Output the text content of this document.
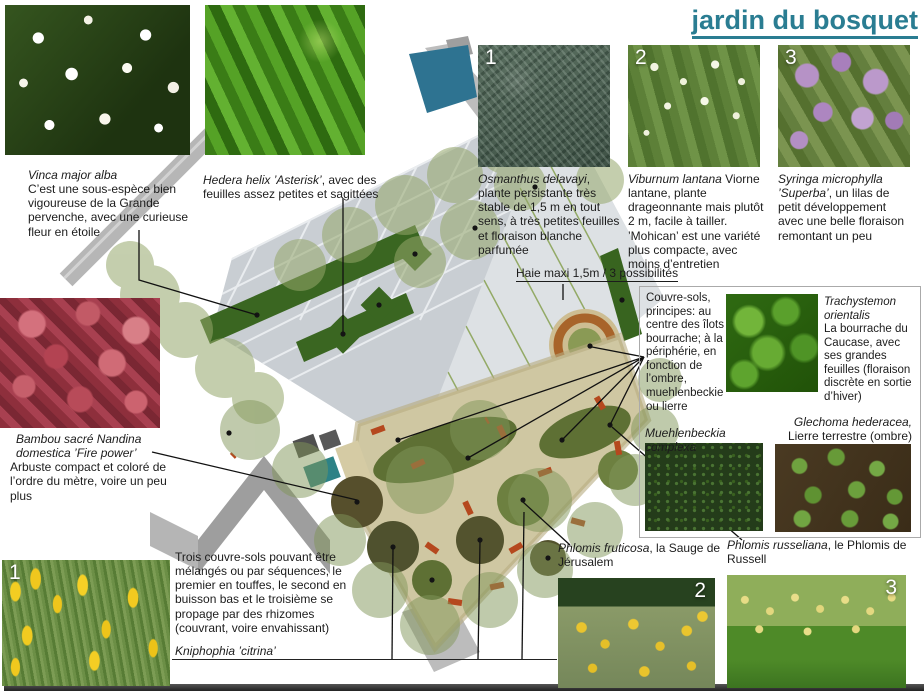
jardin du bosquet
1	2	3
1
2	3
Vinca major alba
C’est une sous-espèce bien vigoureuse de la Grande pervenche, avec une curieuse fleur en étoile
Hedera helix ’Asterisk’, avec des feuilles assez petites et sagittées
Osmanthus delavayi, plante persistante très stable de 1,5 m en tout sens, à très petites feuilles et floraison blanche parfumée
Viburnum lantana Viorne lantane, plante drageonnante mais plutôt 2 m, facile à tailler. ’Mohican’ est une variété plus compacte, avec moins d’entretien
Syringa microphylla ’Superba’, un lilas de petit développement avec une belle floraison remontant un peu
Haie maxi 1,5m / 3 possibilités
Bambou sacré Nandina domestica ’Fire power’
Arbuste compact et coloré de l’ordre du mètre, voire un peu plus
Couvre-sols, principes: au centre des îlots bourrache; à la périphérie, en fonction de l’ombre, muehlenbeckie ou lierre
Trachystemon orientalis
La bourrache du Caucase, avec ses grandes feuilles (floraison discrète en sortie d’hiver)
Muehlenbeckia complexa
Glechoma hederacea, Lierre terrestre (ombre)
Trois couvre-sols pouvant être mélangés ou par séquences, le premier en touffes, le second en buisson bas et le troisième se propage par des rhizomes (couvrant, voire envahissant)
Kniphophia ’citrina’
Phlomis fruticosa, la Sauge de Jérusalem
Phlomis russeliana, le Phlomis de Russell
